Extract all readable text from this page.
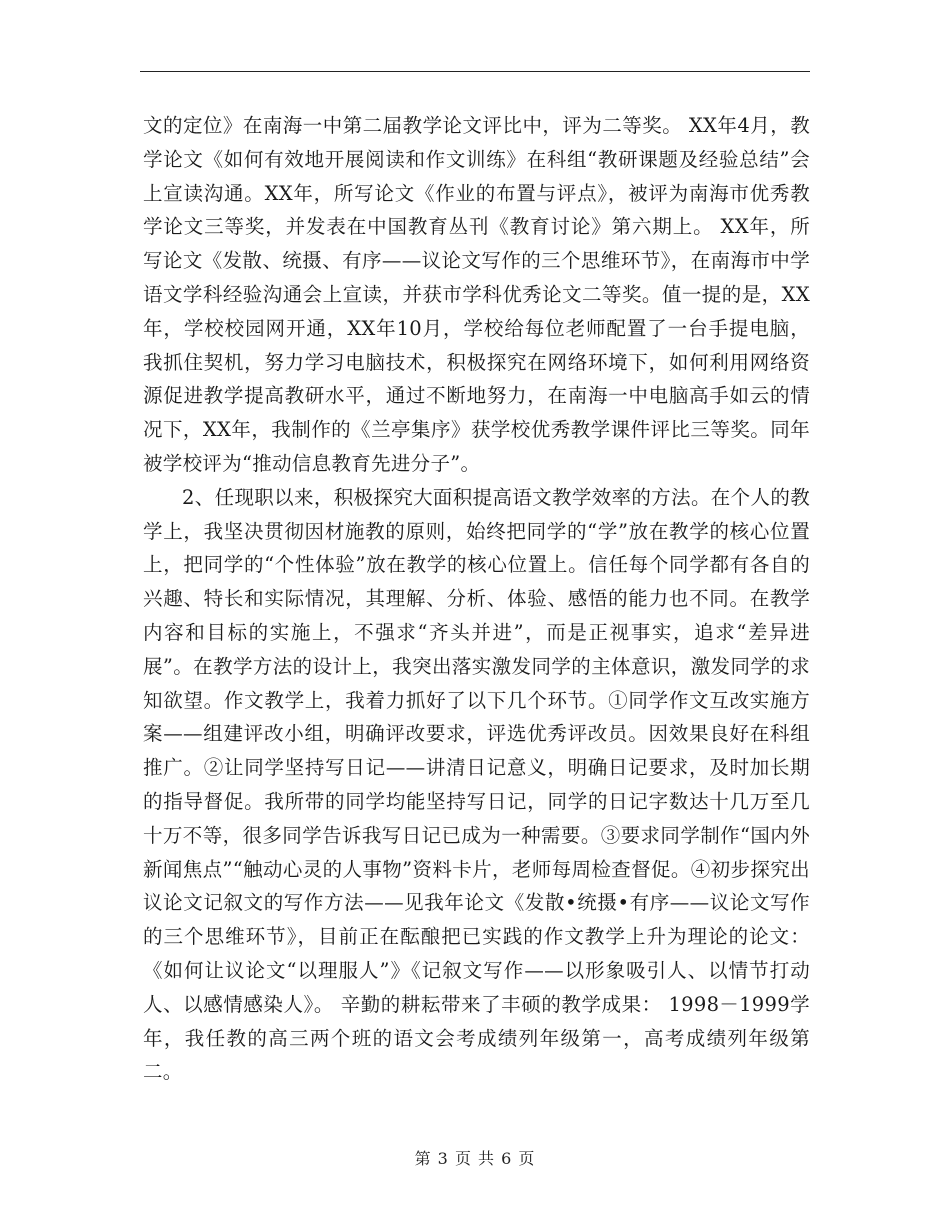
文的定位》在南海一中第二届教学论文评比中，评为二等奖。 XX年4月，教学论文《如何有效地开展阅读和作文训练》在科组“教研课题及经验总结”会上宣读沟通。XX年，所写论文《作业的布置与评点》，被评为南海市优秀教学论文三等奖，并发表在中国教育丛刊《教育讨论》第六期上。 XX年，所写论文《发散、统摄、有序——议论文写作的三个思维环节》，在南海市中学语文学科经验沟通会上宣读，并获市学科优秀论文二等奖。值一提的是，XX年，学校校园网开通，XX年10月，学校给每位老师配置了一台手提电脑，我抓住契机，努力学习电脑技术，积极探究在网络环境下，如何利用网络资源促进教学提高教研水平，通过不断地努力，在南海一中电脑高手如云的情况下，XX年，我制作的《兰亭集序》获学校优秀教学课件评比三等奖。同年被学校评为“推动信息教育先进分子”。

2、任现职以来，积极探究大面积提高语文教学效率的方法。在个人的教学上，我坚决贯彻因材施教的原则，始终把同学的“学”放在教学的核心位置上，把同学的“个性体验”放在教学的核心位置上。信任每个同学都有各自的兴趣、特长和实际情况，其理解、分析、体验、感悟的能力也不同。在教学内容和目标的实施上，不强求“齐头并进”，而是正视事实，追求“差异进展”。在教学方法的设计上，我突出落实激发同学的主体意识，激发同学的求知欲望。作文教学上，我着力抓好了以下几个环节。①同学作文互改实施方案——组建评改小组，明确评改要求，评选优秀评改员。因效果良好在科组推广。②让同学坚持写日记——讲清日记意义，明确日记要求，及时加长期的指导督促。我所带的同学均能坚持写日记，同学的日记字数达十几万至几十万不等，很多同学告诉我写日记已成为一种需要。③要求同学制作“国内外新闻焦点”“触动心灵的人事物”资料卡片，老师每周检查督促。④初步探究出议论文记叙文的写作方法——见我年论文《发散•统摄•有序——议论文写作的三个思维环节》，目前正在酝酿把已实践的作文教学上升为理论的论文：《如何让议论文“以理服人”》《记叙文写作——以形象吸引人、以情节打动人、以感情感染人》。 辛勤的耕耘带来了丰硕的教学成果： 1998－1999学年，我任教的高三两个班的语文会考成绩列年级第一，高考成绩列年级第二。

第 3 页 共 6 页
